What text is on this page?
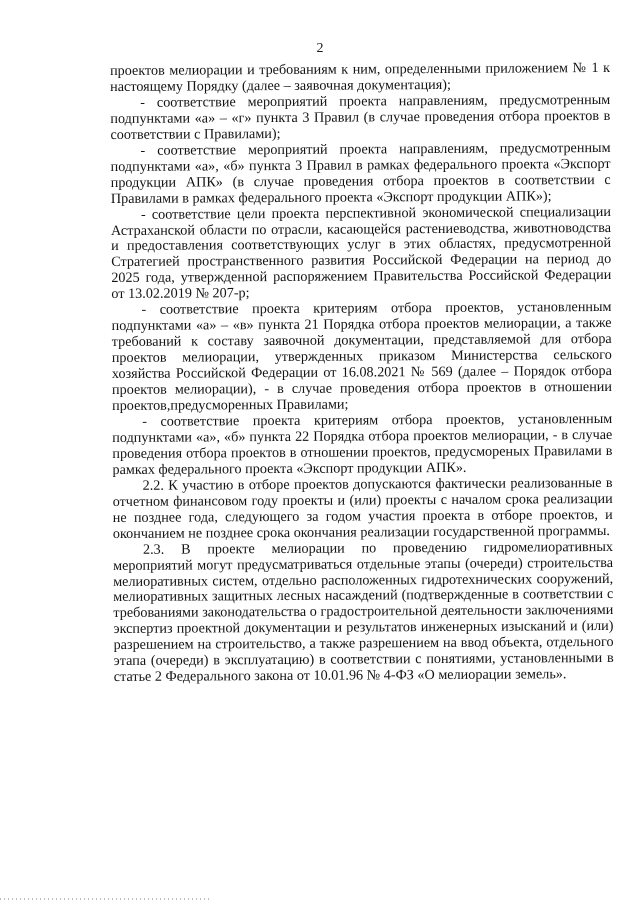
2

проектов мелиорации и требованиям к ним, определенными приложением № 1 к настоящему Порядку (далее – заявочная документация);

- соответствие мероприятий проекта направлениям, предусмотренным подпунктами «а» – «г» пункта 3 Правил (в случае проведения отбора проектов в соответствии с Правилами);

- соответствие мероприятий проекта направлениям, предусмотренным подпунктами «а», «б» пункта 3 Правил в рамках федерального проекта «Экспорт продукции АПК» (в случае проведения отбора проектов в соответствии с Правилами в рамках федерального проекта «Экспорт продукции АПК»);

- соответствие цели проекта перспективной экономической специализации Астраханской области по отрасли, касающейся растениеводства, животноводства и предоставления соответствующих услуг в этих областях, предусмотренной Стратегией пространственного развития Российской Федерации на период до 2025 года, утвержденной распоряжением Правительства Российской Федерации от 13.02.2019 № 207-р;

- соответствие проекта критериям отбора проектов, установленным подпунктами «а» – «в» пункта 21 Порядка отбора проектов мелиорации, а также требований к составу заявочной документации, представляемой для отбора проектов мелиорации, утвержденных приказом Министерства сельского хозяйства Российской Федерации от 16.08.2021 № 569 (далее – Порядок отбора проектов мелиорации), - в случае проведения отбора проектов в отношении проектов,предусморенных Правилами;

- соответствие проекта критериям отбора проектов, установленным подпунктами «а», «б» пункта 22 Порядка отбора проектов мелиорации, - в случае проведения отбора проектов в отношении проектов, предусмореных Правилами в рамках федерального проекта «Экспорт продукции АПК».

2.2. К участию в отборе проектов допускаются фактически реализованные в отчетном финансовом году проекты и (или) проекты с началом срока реализации не позднее года, следующего за годом участия проекта в отборе проектов, и окончанием не позднее срока окончания реализации государственной программы.

2.3. В проекте мелиорации по проведению гидромелиоративных мероприятий могут предусматриваться отдельные этапы (очереди) строительства мелиоративных систем, отдельно расположенных гидротехнических сооружений, мелиоративных защитных лесных насаждений (подтвержденные в соответствии с требованиями законодательства о градостроительной деятельности заключениями экспертиз проектной документации и результатов инженерных изысканий и (или) разрешением на строительство, а также разрешением на ввод объекта, отдельного этапа (очереди) в эксплуатацию) в соответствии с понятиями, установленными в статье 2 Федерального закона от 10.01.96 № 4-ФЗ «О мелиорации земель».
